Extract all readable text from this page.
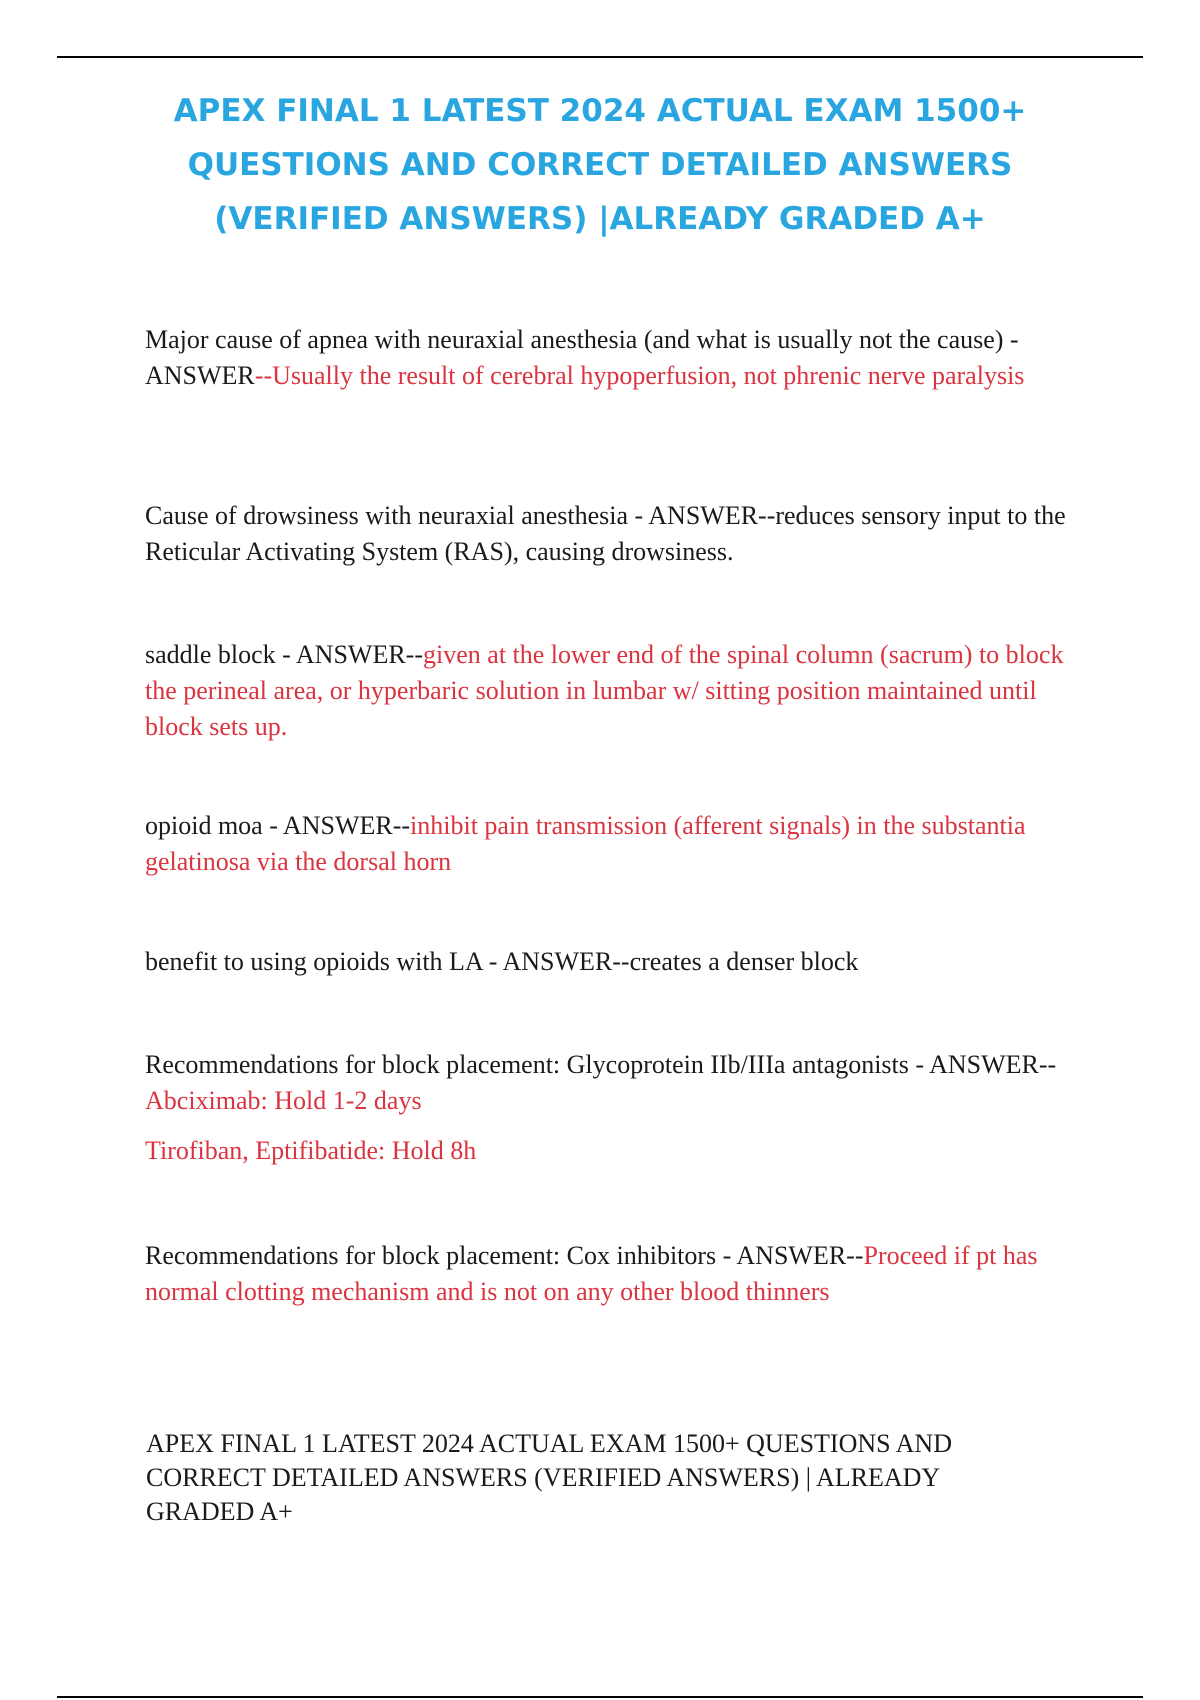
APEX FINAL 1 LATEST 2024 ACTUAL EXAM 1500+
QUESTIONS AND CORRECT DETAILED ANSWERS
(VERIFIED ANSWERS) |ALREADY GRADED A+

Major cause of apnea with neuraxial anesthesia (and what is usually not the cause) - ANSWER--Usually the result of cerebral hypoperfusion, not phrenic nerve paralysis

Cause of drowsiness with neuraxial anesthesia - ANSWER--reduces sensory input to the Reticular Activating System (RAS), causing drowsiness.

saddle block - ANSWER--given at the lower end of the spinal column (sacrum) to block the perineal area, or hyperbaric solution in lumbar w/ sitting position maintained until block sets up.

opioid moa - ANSWER--inhibit pain transmission (afferent signals) in the substantia gelatinosa via the dorsal horn

benefit to using opioids with LA - ANSWER--creates a denser block

Recommendations for block placement: Glycoprotein IIb/IIIa antagonists - ANSWER--Abciximab: Hold 1-2 days
Tirofiban, Eptifibatide: Hold 8h

Recommendations for block placement: Cox inhibitors - ANSWER--Proceed if pt has normal clotting mechanism and is not on any other blood thinners

APEX FINAL 1 LATEST 2024 ACTUAL EXAM 1500+ QUESTIONS AND CORRECT DETAILED ANSWERS (VERIFIED ANSWERS) | ALREADY GRADED A+
